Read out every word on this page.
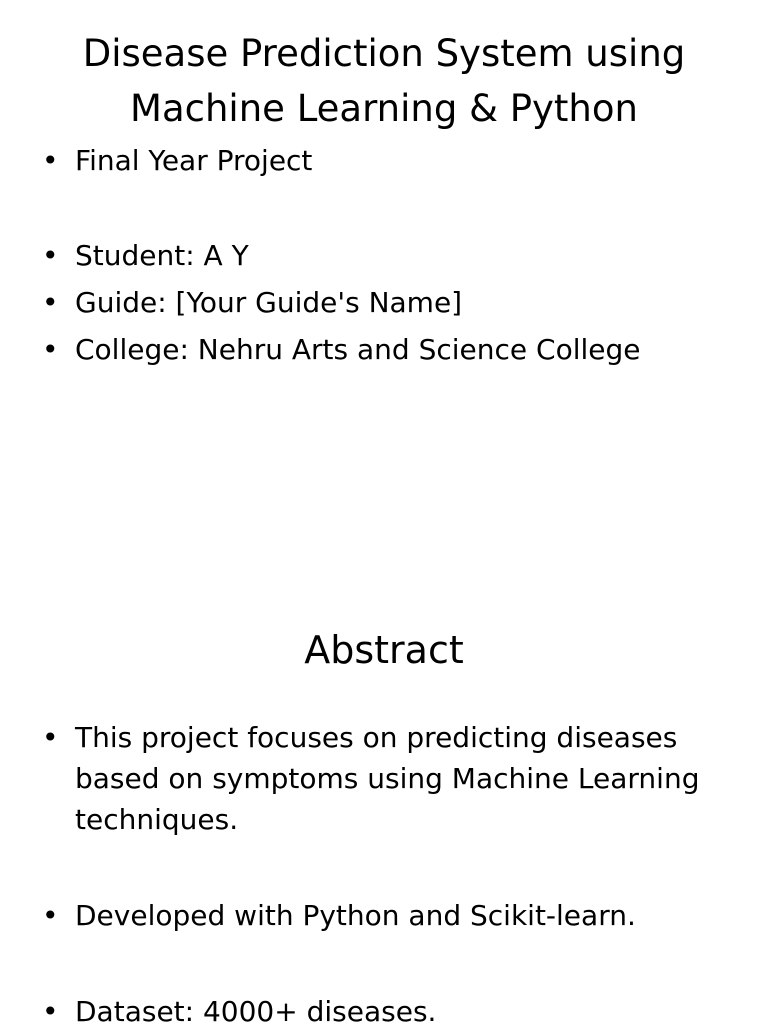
Disease Prediction System using
Machine Learning & Python
• Final Year Project
• Student: A Y
• Guide: [Your Guide's Name]
• College: Nehru Arts and Science College
Abstract
• This project focuses on predicting diseases
based on symptoms using Machine Learning
techniques.
• Developed with Python and Scikit-learn.
• Dataset: 4000+ diseases.
